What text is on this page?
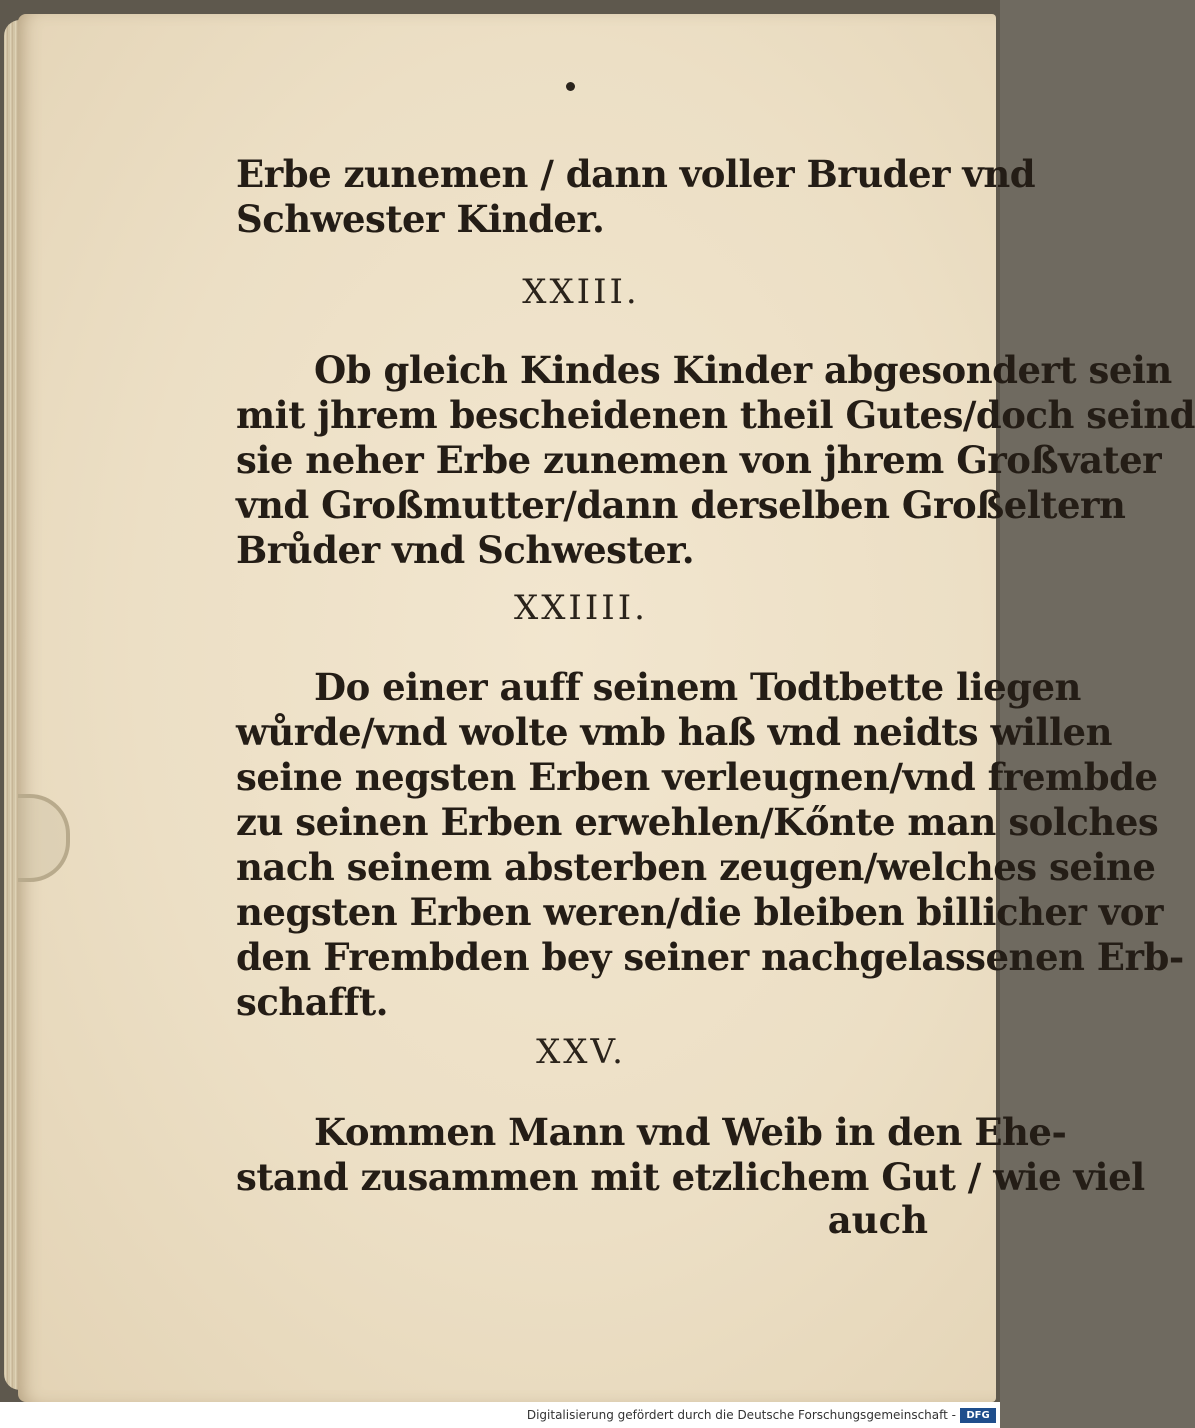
Erbe zunemen / dann voller Bruder vnd
Schwester Kinder.
XXIII.
Ob gleich Kindes Kinder abgesondert sein
mit jhrem bescheidenen theil Gutes/doch seind
sie neher Erbe zunemen von jhrem Großvater
vnd Großmutter/dann derselben Großeltern
Brůder vnd Schwester.
XXIIII.
Do einer auff seinem Todtbette liegen
wůrde/vnd wolte vmb haß vnd neidts willen
seine negsten Erben verleugnen/vnd frembde
zu seinen Erben erwehlen/Kőnte man solches
nach seinem absterben zeugen/welches seine
negsten Erben weren/die bleiben billicher vor
den Frembden bey seiner nachgelassenen Erb-
schafft.
XXV.
Kommen Mann vnd Weib in den Ehe-
stand zusammen mit etzlichem Gut / wie viel
auch
Digitalisierung gefördert durch die Deutsche Forschungsgemeinschaft -	DFG
